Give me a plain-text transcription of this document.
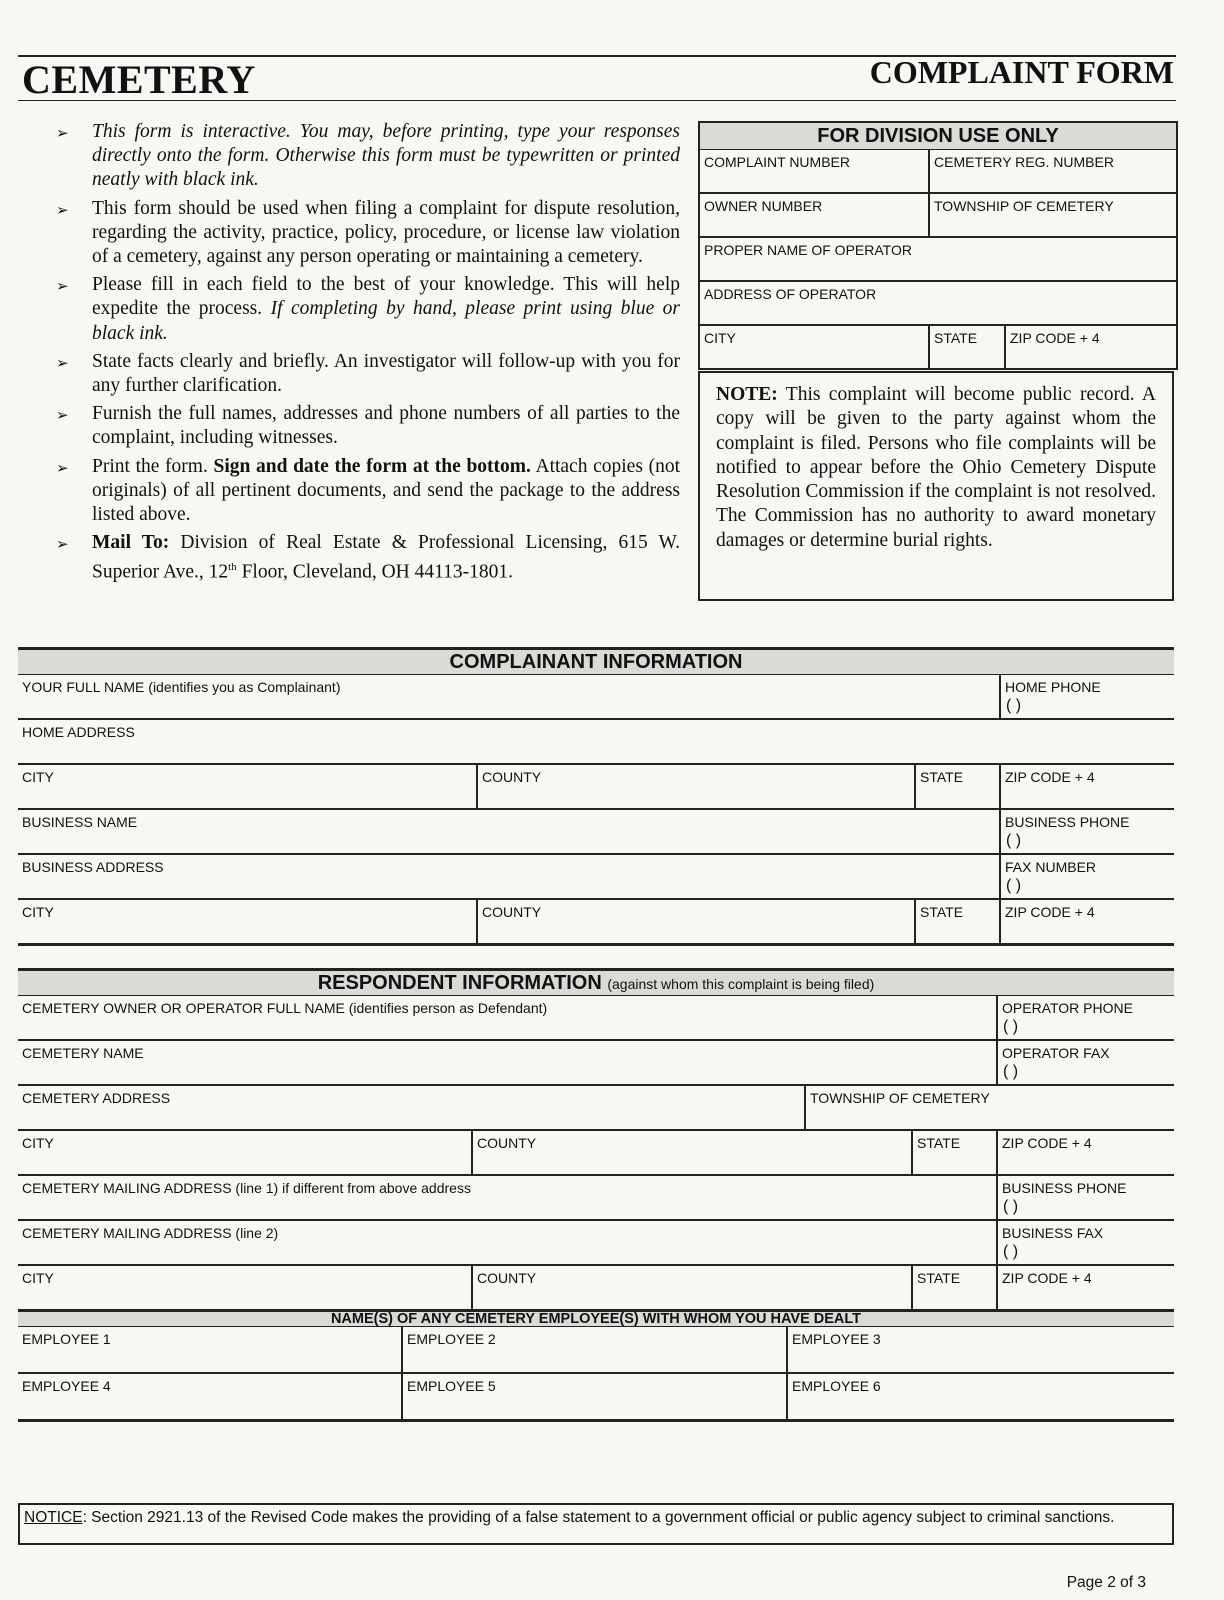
CEMETERY	COMPLAINT FORM
➢ This form is interactive. You may, before printing, type your responses directly onto the form. Otherwise this form must be typewritten or printed neatly with black ink.
➢ This form should be used when filing a complaint for dispute resolution, regarding the activity, practice, policy, procedure, or license law violation of a cemetery, against any person operating or maintaining a cemetery.
➢ Please fill in each field to the best of your knowledge. This will help expedite the process. If completing by hand, please print using blue or black ink.
➢ State facts clearly and briefly. An investigator will follow-up with you for any further clarification.
➢ Furnish the full names, addresses and phone numbers of all parties to the complaint, including witnesses.
➢ Print the form. Sign and date the form at the bottom. Attach copies (not originals) of all pertinent documents, and send the package to the address listed above.
➢ Mail To: Division of Real Estate & Professional Licensing, 615 W. Superior Ave., 12th Floor, Cleveland, OH 44113-1801.
FOR DIVISION USE ONLY
COMPLAINT NUMBER	CEMETERY REG. NUMBER
OWNER NUMBER	TOWNSHIP OF CEMETERY
PROPER NAME OF OPERATOR
ADDRESS OF OPERATOR
CITY	STATE	ZIP CODE + 4
NOTE: This complaint will become public record. A copy will be given to the party against whom the complaint is filed. Persons who file complaints will be notified to appear before the Ohio Cemetery Dispute Resolution Commission if the complaint is not resolved. The Commission has no authority to award monetary damages or determine burial rights.
COMPLAINANT INFORMATION
YOUR FULL NAME (identifies you as Complainant)	HOME PHONE
( )
HOME ADDRESS
CITY	COUNTY	STATE	ZIP CODE + 4
BUSINESS NAME	BUSINESS PHONE
( )
BUSINESS ADDRESS	FAX NUMBER
( )
CITY	COUNTY	STATE	ZIP CODE + 4
RESPONDENT INFORMATION (against whom this complaint is being filed)
CEMETERY OWNER OR OPERATOR FULL NAME (identifies person as Defendant)	OPERATOR PHONE
( )
CEMETERY NAME	OPERATOR FAX
( )
CEMETERY ADDRESS	TOWNSHIP OF CEMETERY
CITY	COUNTY	STATE	ZIP CODE + 4
CEMETERY MAILING ADDRESS (line 1) if different from above address	BUSINESS PHONE
( )
CEMETERY MAILING ADDRESS (line 2)	BUSINESS FAX
( )
CITY	COUNTY	STATE	ZIP CODE + 4
NAME(S) OF ANY CEMETERY EMPLOYEE(S) WITH WHOM YOU HAVE DEALT
EMPLOYEE 1	EMPLOYEE 2	EMPLOYEE 3
EMPLOYEE 4	EMPLOYEE 5	EMPLOYEE 6
NOTICE: Section 2921.13 of the Revised Code makes the providing of a false statement to a government official or public agency subject to criminal sanctions.
Page 2 of 3
